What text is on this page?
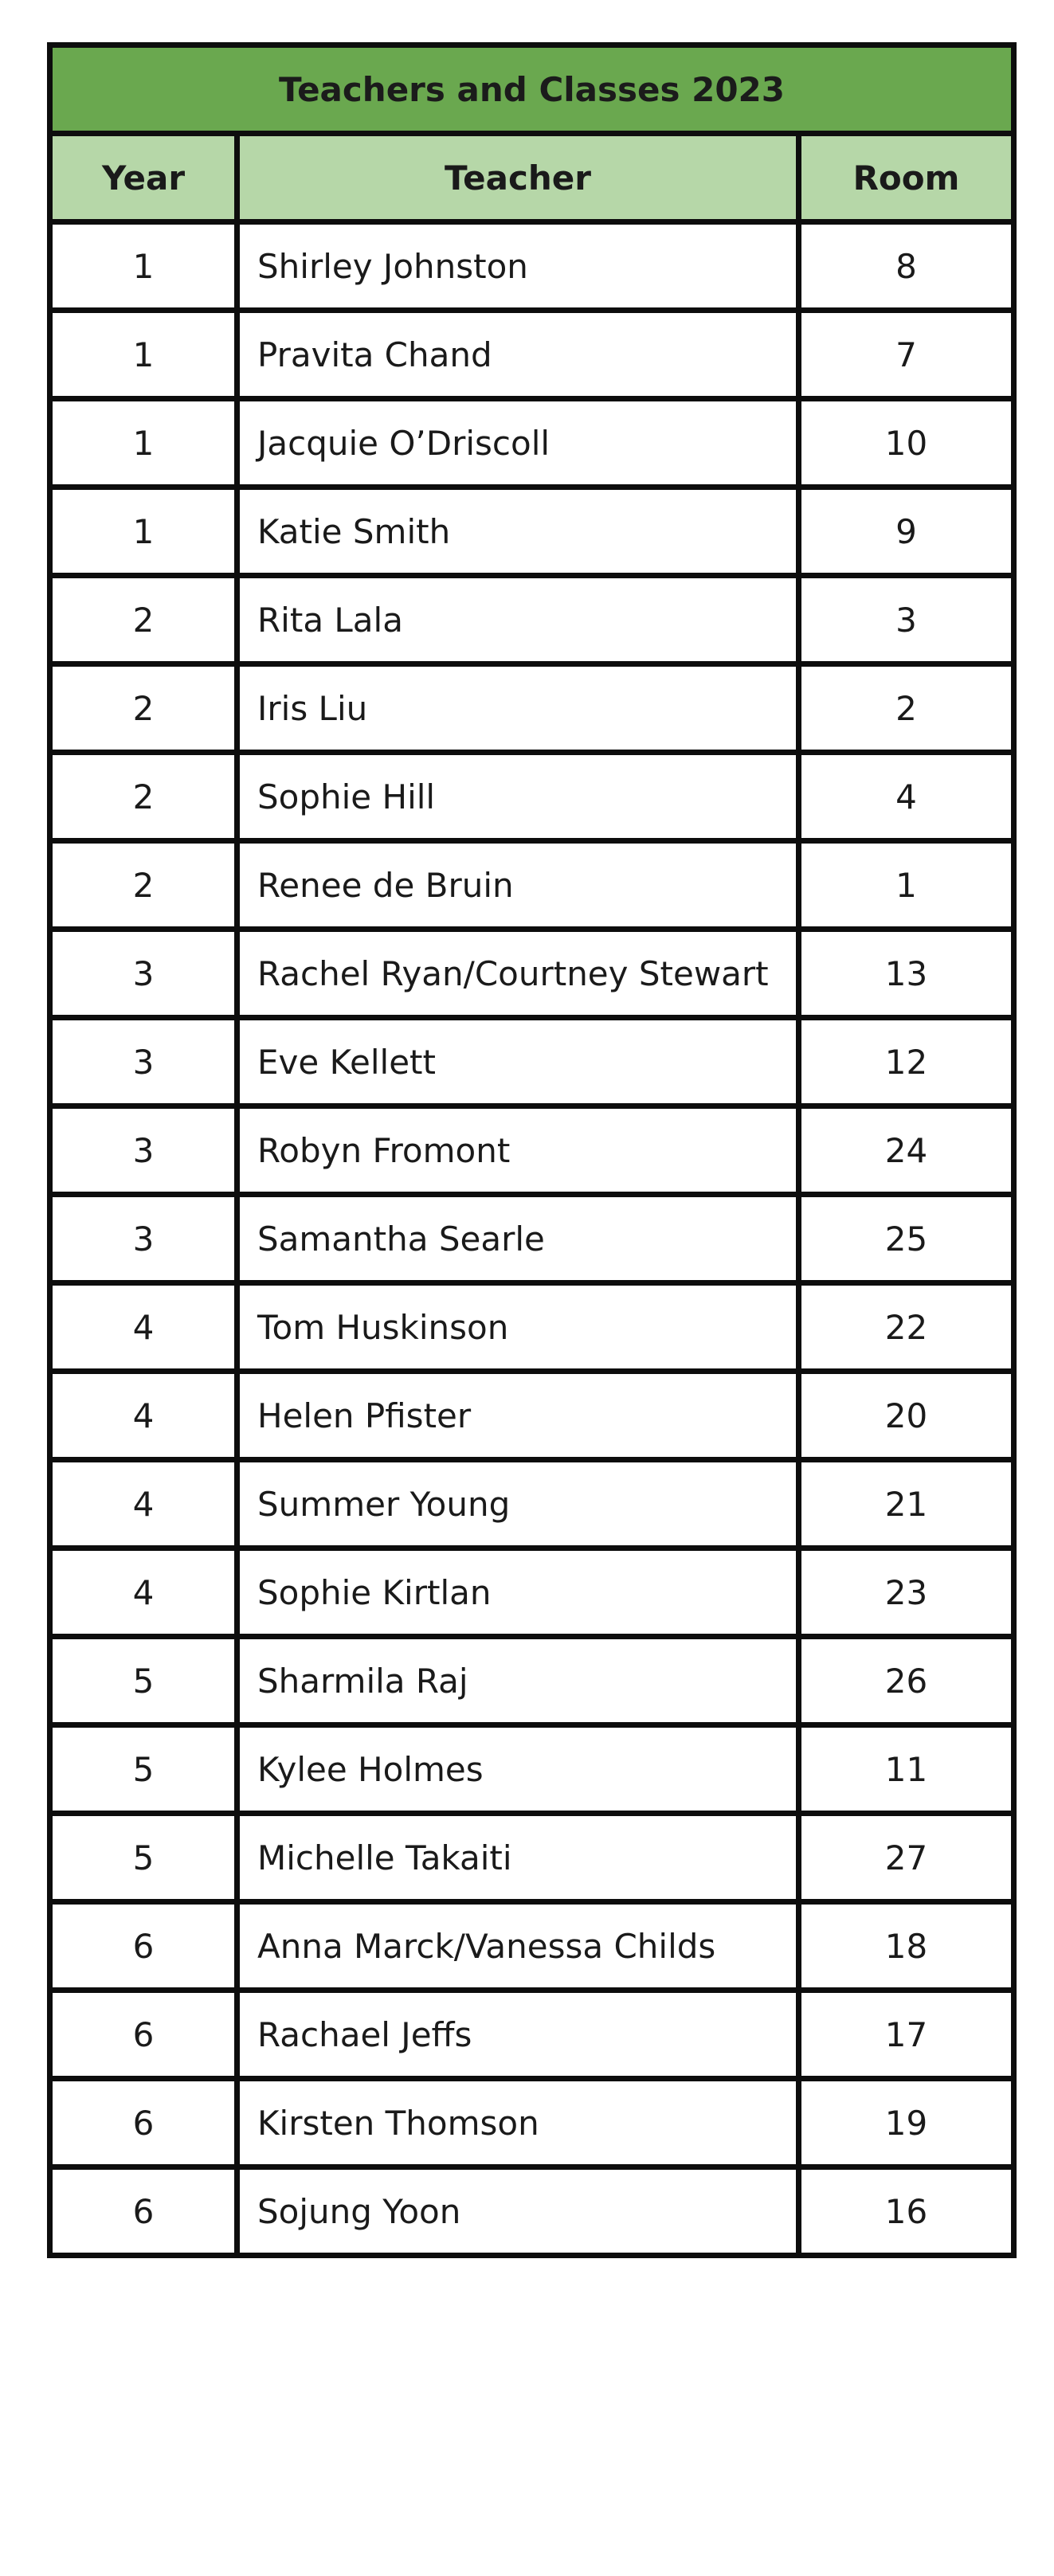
Teachers and Classes 2023		
Year	Teacher	Room
1	Shirley Johnston	8
1	Pravita Chand	7
1	Jacquie O’Driscoll	10
1	Katie Smith	9
2	Rita Lala	3
2	Iris Liu	2
2	Sophie Hill	4
2	Renee de Bruin	1
3	Rachel Ryan/Courtney Stewart	13
3	Eve Kellett	12
3	Robyn Fromont	24
3	Samantha Searle	25
4	Tom Huskinson	22
4	Helen Pfister	20
4	Summer Young	21
4	Sophie Kirtlan	23
5	Sharmila Raj	26
5	Kylee Holmes	11
5	Michelle Takaiti	27
6	Anna Marck/Vanessa Childs	18
6	Rachael Jeffs	17
6	Kirsten Thomson	19
6	Sojung Yoon	16
